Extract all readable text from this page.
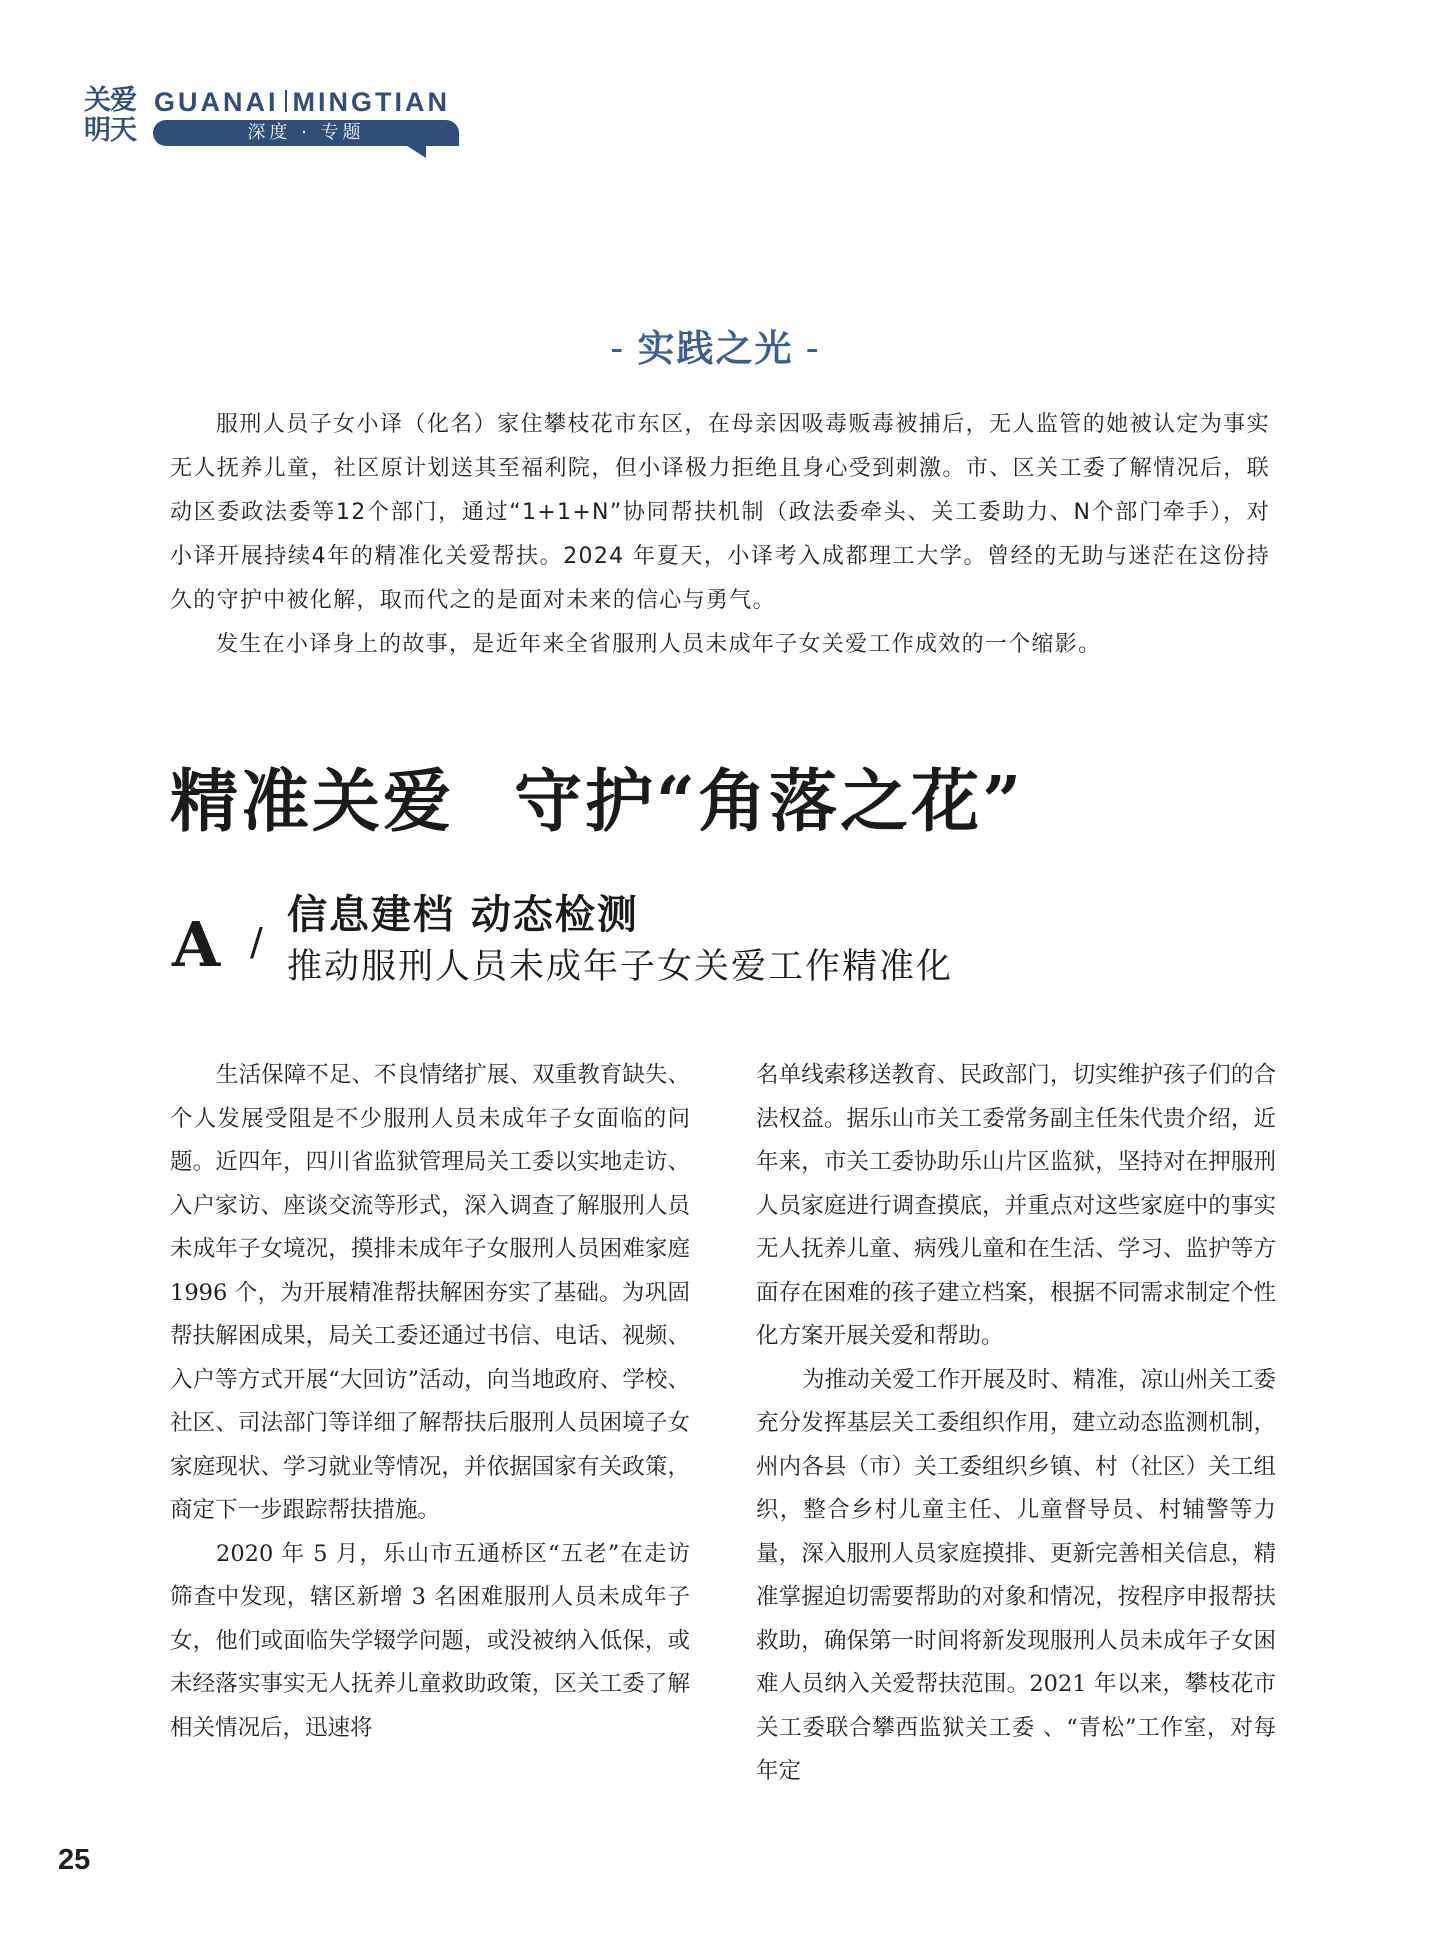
关爱明天
GUANAI MINGTIAN
深度 · 专题
- 实践之光 -

服刑人员子女小译（化名）家住攀枝花市东区，在母亲因吸毒贩毒被捕后，无人监管的她被认定为事实无人抚养儿童，社区原计划送其至福利院，但小译极力拒绝且身心受到刺激。市、区关工委了解情况后，联动区委政法委等12个部门，通过“1+1+N”协同帮扶机制（政法委牵头、关工委助力、N个部门牵手），对小译开展持续4年的精准化关爱帮扶。2024 年夏天，小译考入成都理工大学。曾经的无助与迷茫在这份持久的守护中被化解，取而代之的是面对未来的信心与勇气。

发生在小译身上的故事，是近年来全省服刑人员未成年子女关爱工作成效的一个缩影。

精准关爱 守护“角落之花”
A /
信息建档 动态检测
推动服刑人员未成年子女关爱工作精准化

生活保障不足、不良情绪扩展、双重教育缺失、个人发展受阻是不少服刑人员未成年子女面临的问题。近四年，四川省监狱管理局关工委以实地走访、入户家访、座谈交流等形式，深入调查了解服刑人员未成年子女境况，摸排未成年子女服刑人员困难家庭 1996 个，为开展精准帮扶解困夯实了基础。为巩固帮扶解困成果，局关工委还通过书信、电话、视频、入户等方式开展“大回访”活动，向当地政府、学校、社区、司法部门等详细了解帮扶后服刑人员困境子女家庭现状、学习就业等情况，并依据国家有关政策，商定下一步跟踪帮扶措施。

2020 年 5 月，乐山市五通桥区“五老”在走访筛查中发现，辖区新增 3 名困难服刑人员未成年子女，他们或面临失学辍学问题，或没被纳入低保，或未经落实事实无人抚养儿童救助政策，区关工委了解相关情况后，迅速将

名单线索移送教育、民政部门，切实维护孩子们的合法权益。据乐山市关工委常务副主任朱代贵介绍，近年来，市关工委协助乐山片区监狱，坚持对在押服刑人员家庭进行调查摸底，并重点对这些家庭中的事实无人抚养儿童、病残儿童和在生活、学习、监护等方面存在困难的孩子建立档案，根据不同需求制定个性化方案开展关爱和帮助。

为推动关爱工作开展及时、精准，凉山州关工委充分发挥基层关工委组织作用，建立动态监测机制，州内各县（市）关工委组织乡镇、村（社区）关工组织，整合乡村儿童主任、儿童督导员、村辅警等力量，深入服刑人员家庭摸排、更新完善相关信息，精准掌握迫切需要帮助的对象和情况，按程序申报帮扶救助，确保第一时间将新发现服刑人员未成年子女困难人员纳入关爱帮扶范围。2021 年以来，攀枝花市关工委联合攀西监狱关工委 、“青松”工作室，对每年定

25
